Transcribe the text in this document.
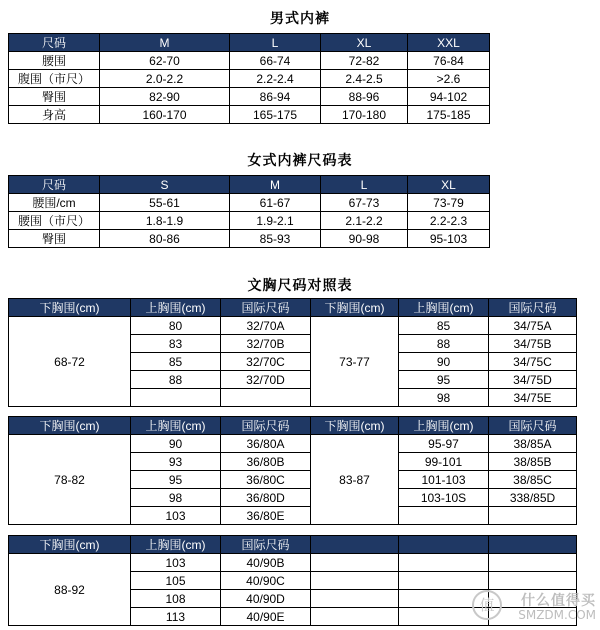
男式内裤
尺码	M	L	XL	XXL
腰围	62-70	66-74	72-82	76-84
腹围（市尺）	2.0-2.2	2.2-2.4	2.4-2.5	>2.6
臀围	82-90	86-94	88-96	94-102
身高	160-170	165-175	170-180	175-185
女式内裤尺码表
尺码	S	M	L	XL
腰围/cm	55-61	61-67	67-73	73-79
腰围（市尺）	1.8-1.9	1.9-2.1	2.1-2.2	2.2-2.3
臀围	80-86	85-93	90-98	95-103
文胸尺码对照表
下胸围(cm)	上胸围(cm)	国际尺码	下胸围(cm)	上胸围(cm)	国际尺码
68-72	80	32/70A	73-77	85	34/75A
	83	32/70B		88	34/75B
	85	32/70C		90	34/75C
	88	32/70D		95	34/75D
				98	34/75E
下胸围(cm)	上胸围(cm)	国际尺码	下胸围(cm)	上胸围(cm)	国际尺码
78-82	90	36/80A	83-87	95-97	38/85A
	93	36/80B		99-101	38/85B
	95	36/80C		101-103	38/85C
	98	36/80D		103-10S	338/85D
	103	36/80E			
下胸围(cm)	上胸围(cm)	国际尺码			
88-92	103	40/90B			
	105	40/90C			
	108	40/90D			
	113	40/90E			
值	什么值得买
SMZDM.COM
